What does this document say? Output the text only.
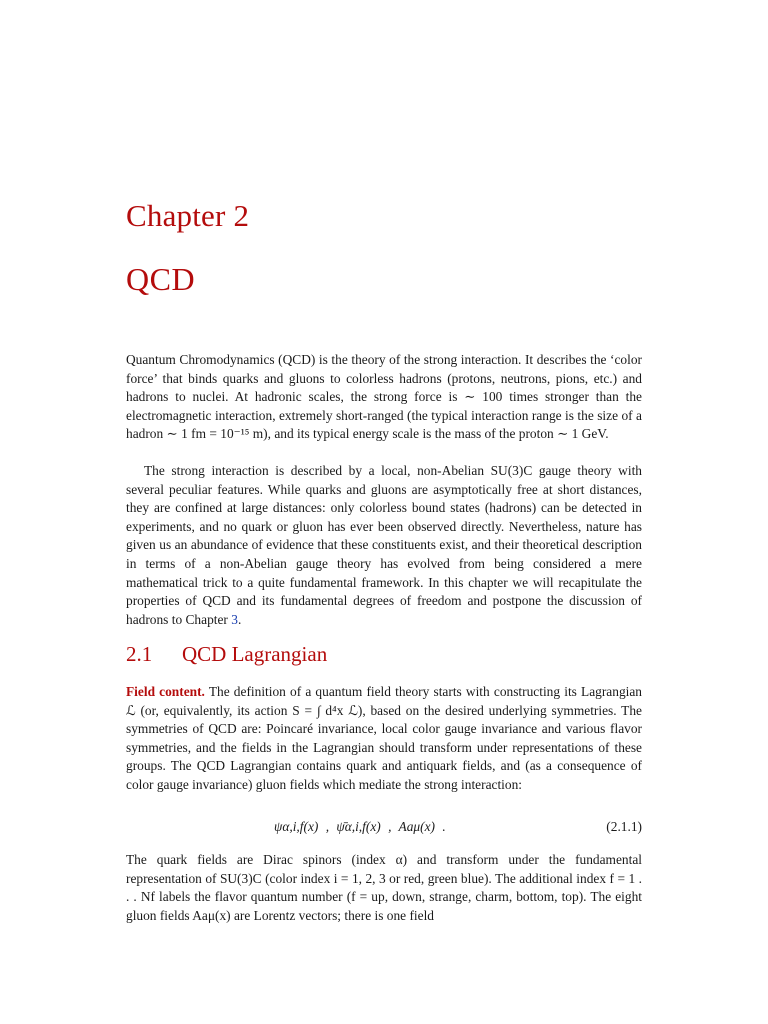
Chapter 2
QCD

Quantum Chromodynamics (QCD) is the theory of the strong interaction. It describes the ‘color force’ that binds quarks and gluons to colorless hadrons (protons, neutrons, pions, etc.) and hadrons to nuclei. At hadronic scales, the strong force is ∼ 100 times stronger than the electromagnetic interaction, extremely short-ranged (the typical interaction range is the size of a hadron ∼ 1 fm = 10⁻¹⁵ m), and its typical energy scale is the mass of the proton ∼ 1 GeV.

The strong interaction is described by a local, non-Abelian SU(3)C gauge theory with several peculiar features. While quarks and gluons are asymptotically free at short distances, they are confined at large distances: only colorless bound states (hadrons) can be detected in experiments, and no quark or gluon has ever been observed directly. Nevertheless, nature has given us an abundance of evidence that these constituents exist, and their theoretical description in terms of a non-Abelian gauge theory has evolved from being considered a mere mathematical trick to a quite fundamental framework. In this chapter we will recapitulate the properties of QCD and its fundamental degrees of freedom and postpone the discussion of hadrons to Chapter 3.

2.1 QCD Lagrangian

Field content. The definition of a quantum field theory starts with constructing its Lagrangian ℒ (or, equivalently, its action S = ∫ d⁴x ℒ), based on the desired underlying symmetries. The symmetries of QCD are: Poincaré invariance, local color gauge invariance and various flavor symmetries, and the fields in the Lagrangian should transform under representations of these groups. The QCD Lagrangian contains quark and antiquark fields, and (as a consequence of color gauge invariance) gluon fields which mediate the strong interaction:

ψα,i,f(x) , ψ̄α,i,f(x) , Aaμ(x) .	(2.1.1)

The quark fields are Dirac spinors (index α) and transform under the fundamental representation of SU(3)C (color index i = 1, 2, 3 or red, green blue). The additional index f = 1 . . . Nf labels the flavor quantum number (f = up, down, strange, charm, bottom, top). The eight gluon fields Aaμ(x) are Lorentz vectors; there is one field
